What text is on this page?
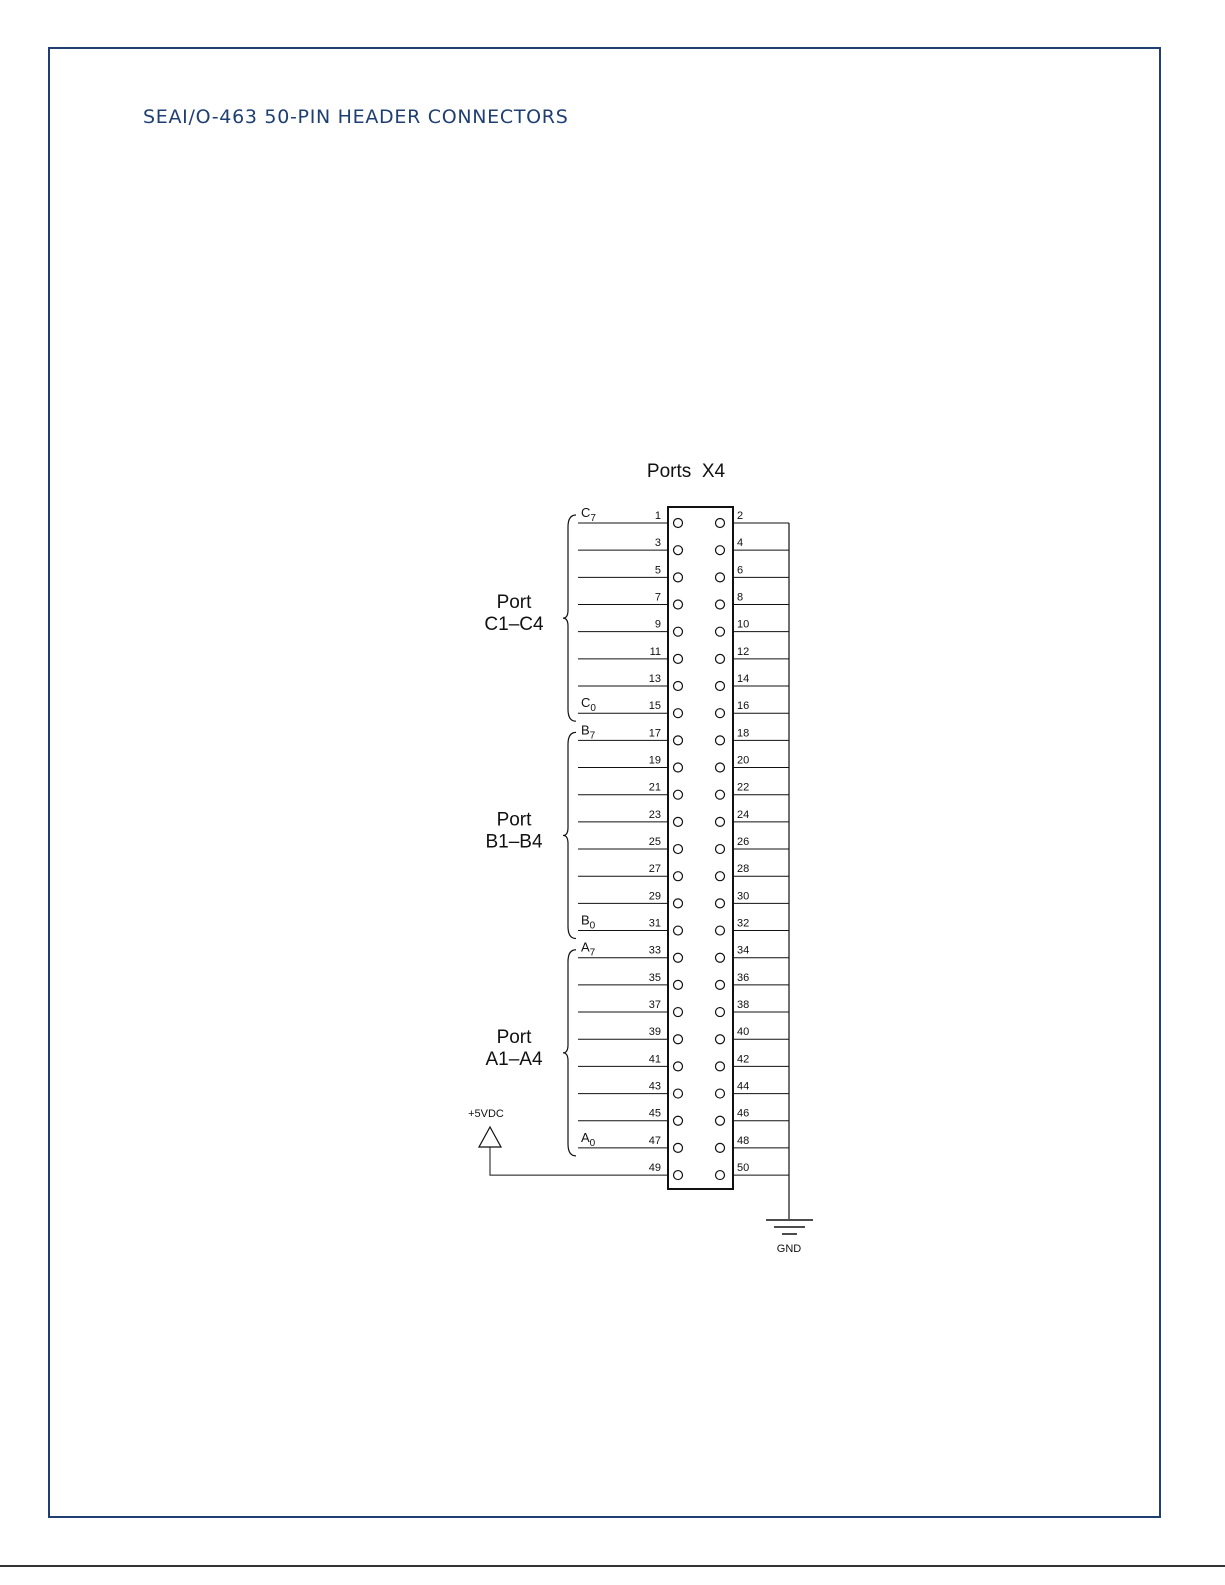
SEAI/O-463 50-PIN HEADER CONNECTORS
Ports  X4
1	2
3	4
5	6
7	8
9	10
11	12
13	14
15	16
17	18
19	20
21	22
23	24
25	26
27	28
29	30
31	32
33	34
35	36
37	38
39	40
41	42
43	44
45	46
47	48
49	50
Port
C1–C4
$C_7$
$C_0$
Port
B1–B4
$B_7$
$B_0$
Port
A1–A4
$A_7$
$A_0$
GND
+5VDC
